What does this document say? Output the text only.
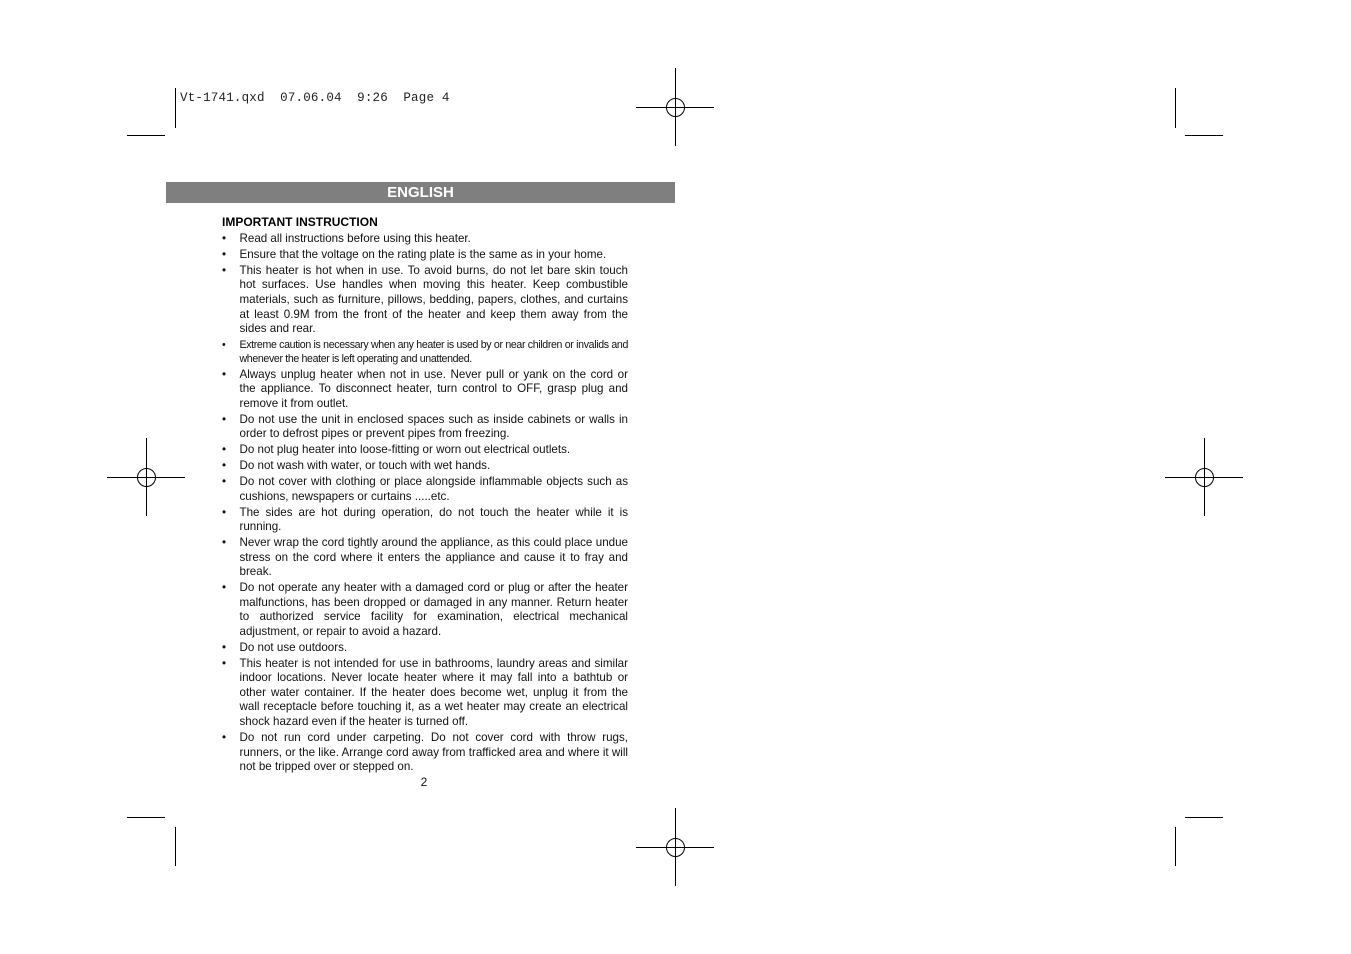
Vt-1741.qxd  07.06.04  9:26  Page 4
ENGLISH
IMPORTANT INSTRUCTION
• Read all instructions before using this heater.
• Ensure that the voltage on the rating plate is the same as in your home.
• This heater is hot when in use. To avoid burns, do not let bare skin touch hot surfaces. Use handles when moving this heater. Keep combustible materials, such as furniture, pillows, bedding, papers, clothes, and curtains at least 0.9M from the front of the heater and keep them away from the sides and rear.
• Extreme caution is necessary when any heater is used by or near children or invalids and whenever the heater is left operating and unattended.
• Always unplug heater when not in use. Never pull or yank on the cord or the appliance. To disconnect heater, turn control to OFF, grasp plug and remove it from outlet.
• Do not use the unit in enclosed spaces such as inside cabinets or walls in order to defrost pipes or prevent pipes from freezing.
• Do not plug heater into loose-fitting or worn out electrical outlets.
• Do not wash with water, or touch with wet hands.
• Do not cover with clothing or place alongside inflammable objects such as cushions, newspapers or curtains .....etc.
• The sides are hot during operation, do not touch the heater while it is running.
• Never wrap the cord tightly around the appliance, as this could place undue stress on the cord where it enters the appliance and cause it to fray and break.
• Do not operate any heater with a damaged cord or plug or after the heater malfunctions, has been dropped or damaged in any manner. Return heater to authorized service facility for examination, electrical mechanical adjustment, or repair to avoid a hazard.
• Do not use outdoors.
• This heater is not intended for use in bathrooms, laundry areas and similar indoor locations. Never locate heater where it may fall into a bathtub or other water container. If the heater does become wet, unplug it from the wall receptacle before touching it, as a wet heater may create an electrical shock hazard even if the heater is turned off.
• Do not run cord under carpeting. Do not cover cord with throw rugs, runners, or the like. Arrange cord away from trafficked area and where it will not be tripped over or stepped on.
2
